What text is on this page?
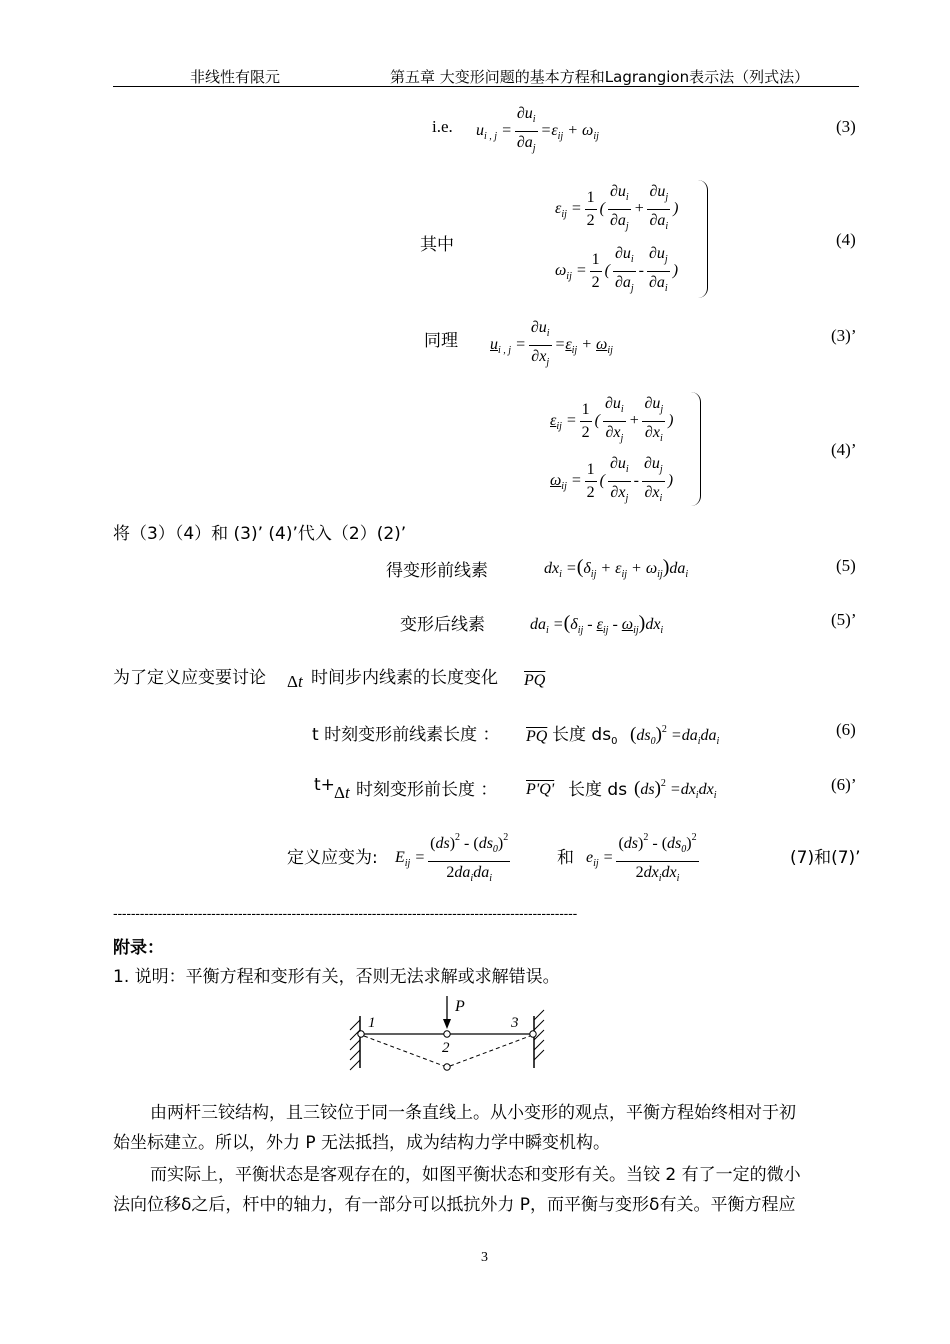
非线性有限元	第五章 大变形问题的基本方程和Lagrangion表示法（列式法）
i.e. $u_{i , j} = \frac{\partial u_i}{\partial a_j} =\varepsilon_{ij} + \omega_{ij}$
(3)
其中
$\varepsilon_{ij} = \frac{1}{2}$ ( $\frac{\partial u_i}{\partial a_j} + \frac{\partial u_j}{\partial a_i}$ )
$\omega_{ij} = \frac{1}{2}$ ( $\frac{\partial u_i}{\partial a_j} - \frac{\partial u_j}{\partial a_i}$ )
(4)
同理 $u_{i , j} = \frac{\partial u_i}{\partial x_j} =\varepsilon_{ij} + \omega_{ij}$
(3)’
$\varepsilon_{ij} = \frac{1}{2}$ ( $\frac{\partial u_i}{\partial x_j} + \frac{\partial u_j}{\partial x_i}$ )
$\omega_{ij} = \frac{1}{2}$ ( $\frac{\partial u_i}{\partial x_j} - \frac{\partial u_j}{\partial x_i}$ )
(4)’
将（3）（4）和 (3)’ (4)’代入（2）(2)’
得变形前线素	$dx_i =(\delta_{ij} + \varepsilon_{ij} + \omega_{ij})da_i$	(5)
变形后线素	$da_i =(\delta_{ij} - \varepsilon_{ij} - \omega_{ij})dx_i$
(5)’
为了定义应变要讨论 Δt 时间步内线素的长度变化 $\overline{PQ}$
t 时刻变形前线素长度 ： $\overline{PQ}$ 长度 $ds_0$ $(ds_0)^2 =da_ida_i$
(6)
t+ Δt 时刻变形前长度 ： P'Q' 长度 ds $(ds)^2 =dx_idx_i$
(6)’
定义应变为: $E_{ij} = \frac{(ds)^2 - (ds_0)^2}{2da_ida_i}$	和 $e_{ij} = \frac{(ds)^2 - (ds_0)^2}{2dx_idx_i}$	(7)和(7)’
--------------------------------------------------------------------------------------------------------
附录：
1. 说明：平衡方程和变形有关，否则无法求解或求解错误。
P
1
2
3
由两杆三铰结构，且三铰位于同一条直线上。从小变形的观点，平衡方程始终相对于初
始坐标建立。所以，外力 P 无法抵挡，成为结构力学中瞬变机构。
而实际上，平衡状态是客观存在的，如图平衡状态和变形有关。当铰 2 有了一定的微小
法向位移δ之后，杆中的轴力，有一部分可以抵抗外力 P，而平衡与变形δ有关。平衡方程应
3
